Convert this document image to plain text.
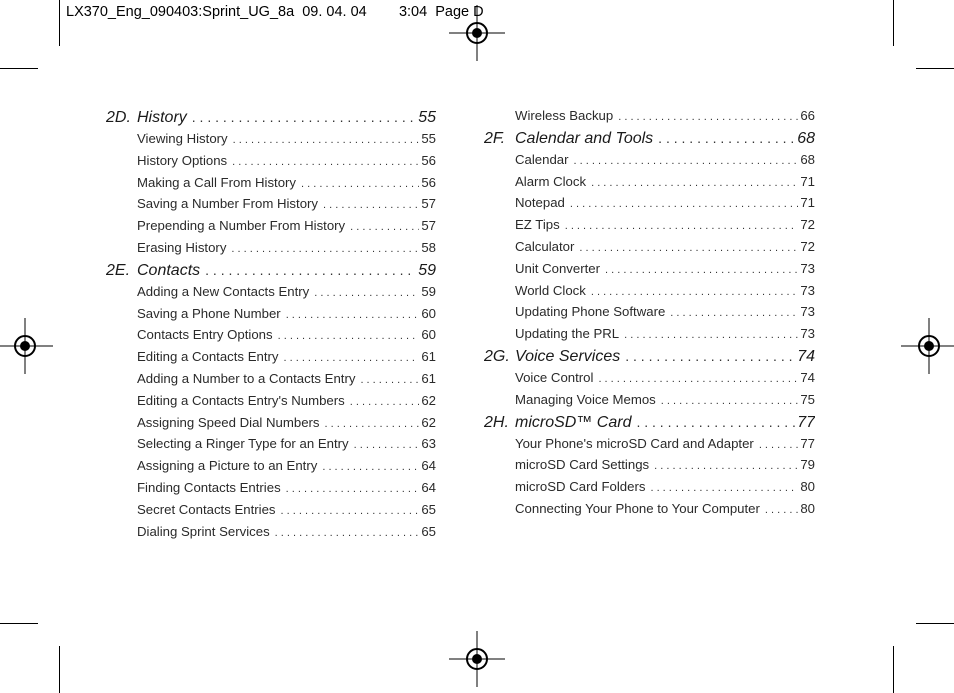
LX370_Eng_090403:Sprint_UG_8a  09. 04. 04        3:04  Page D
2D. History . . .	55
Viewing History . . .	55
History Options . . .	56
Making a Call From History . . .	56
Saving a Number From History . . .	57
Prepending a Number From History . . .	57
Erasing History . . .	58
2E. Contacts . . .	59
Adding a New Contacts Entry . . .	59
Saving a Phone Number . . .	60
Contacts Entry Options . . .	60
Editing a Contacts Entry . . .	61
Adding a Number to a Contacts Entry . . .	61
Editing a Contacts Entry's Numbers . . .	62
Assigning Speed Dial Numbers . . .	62
Selecting a Ringer Type for an Entry . . .	63
Assigning a Picture to an Entry . . .	64
Finding Contacts Entries . . .	64
Secret Contacts Entries . . .	65
Dialing Sprint Services . . .	65
Wireless Backup . . .	66
2F. Calendar and Tools . . .	68
Calendar . . .	68
Alarm Clock . . .	71
Notepad . . .	71
EZ Tips . . .	72
Calculator . . .	72
Unit Converter . . .	73
World Clock . . .	73
Updating Phone Software . . .	73
Updating the PRL . . .	73
2G. Voice Services . . .	74
Voice Control . . .	74
Managing Voice Memos . . .	75
2H. microSD™ Card . . .	77
Your Phone's microSD Card and Adapter . . .	77
microSD Card Settings . . .	79
microSD Card Folders . . .	80
Connecting Your Phone to Your Computer . . .	80
